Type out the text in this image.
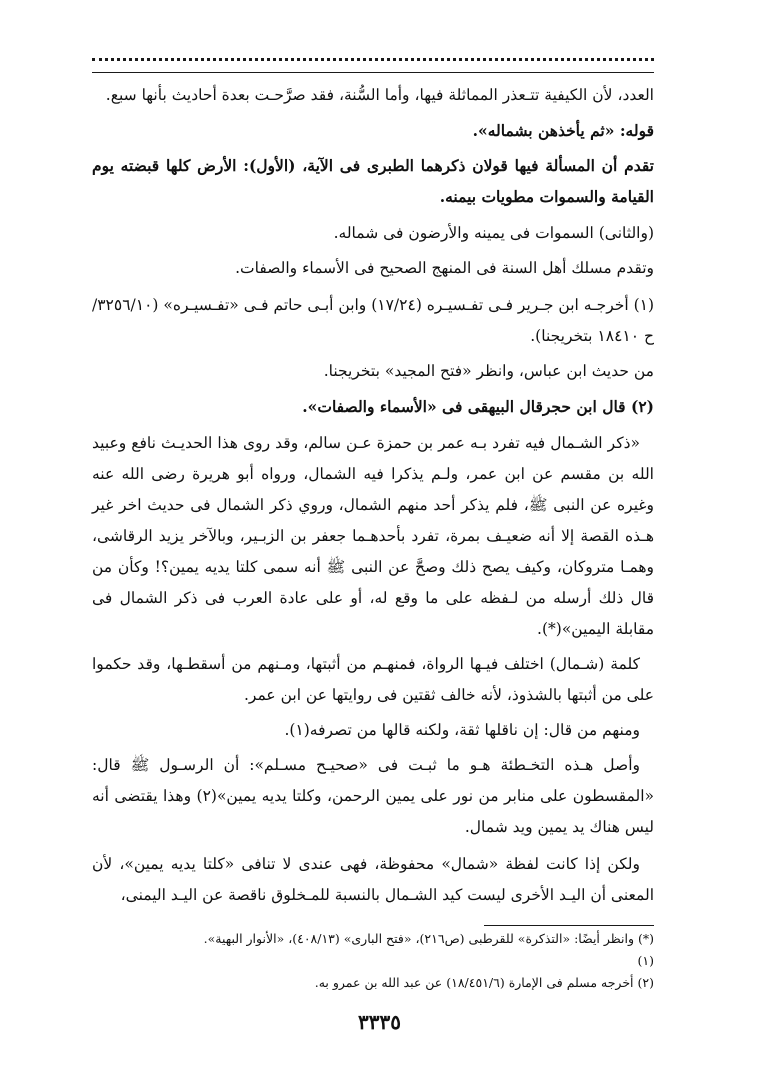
العدد، لأن الكيفية تتـعذر المماثلة فيها، وأما السُّنة، فقد صرَّحـت بعدة أحاديث بأنها سبع.

قوله: «ثم يأخذهن بشماله».

تقدم أن المسألة فيها قولان ذكرهما الطبرى فى الآية، (الأول): الأرض كلها قبضته يوم القيامة والسموات مطويات بيمنه.

(والثانى) السموات فى يمينه والأرضون فى شماله.

وتقدم مسلك أهل السنة فى المنهج الصحيح فى الأسماء والصفات.

(١) أخرجـه ابن جـرير فـى تفـسيـره (١٧/٢٤) وابن أبـى حاتم فـى «تفـسيـره» (٣٢٥٦/١٠/ح ١٨٤١٠ بتخريجنا).

من حديث ابن عباس، وانظر «فتح المجيد» بتخريجنا.

(٢) قال ابن حجرقال البيهقى فى «الأسماء والصفات».

«ذكر الشـمال فيه تفرد بـه عمر بن حمزة عـن سالم، وقد روى هذا الحديـث نافع وعبيد الله بن مقسم عن ابن عمر، ولـم يذكرا فيه الشمال، ورواه أبو هريرة رضى الله عنه وغيره عن النبى ﷺ، فلم يذكر أحد منهم الشمال، وروي ذكر الشمال فى حديث اخر غير هـذه القصة إلا أنه ضعيـف بمرة، تفرد بأحدهـما جعفر بن الزبـير، وبالآخر يزيد الرقاشى، وهمـا متروكان، وكيف يصح ذلك وصحَّ عن النبى ﷺ أنه سمى كلتا يديه يمين؟! وكأن من قال ذلك أرسله من لـفظه على ما وقع له، أو على عادة العرب فى ذكر الشمال فى مقابلة اليمين»(*).

كلمة (شـمال) اختلف فيـها الرواة، فمنهـم من أثبتها، ومـنهم من أسقطـها، وقد حكموا على من أثبتها بالشذوذ، لأنه خالف ثقتين فى روايتها عن ابن عمر.

ومنهم من قال: إن ناقلها ثقة، ولكنه قالها من تصرفه(١).

وأصل هـذه التخـطئة هـو ما ثبـت فى «صحيـح مسـلم»: أن الرسـول ﷺ قال: «المقسطون على منابر من نور على يمين الرحمن، وكلتا يديه يمين»(٢) وهذا يقتضى أنه ليس هناك يد يمين ويد شمال.

ولكن إذا كانت لفظة «شمال» محفوظة، فهى عندى لا تنافى «كلتا يديه يمين»، لأن المعنى أن اليـد الأخرى ليست كيد الشـمال بالنسبة للمـخلوق ناقصة عن اليـد اليمنى،

(*) وانظر أيضًا: «التذكرة» للقرطبى (ص٢١٦)، «فتح البارى» (٤٠٨/١٣)، «الأنوار البهية».

(١)

(٢) أخرجه مسلم فى الإمارة (١٨/٤٥١/٦) عن عبد الله بن عمرو به.

٣٣٣٥
